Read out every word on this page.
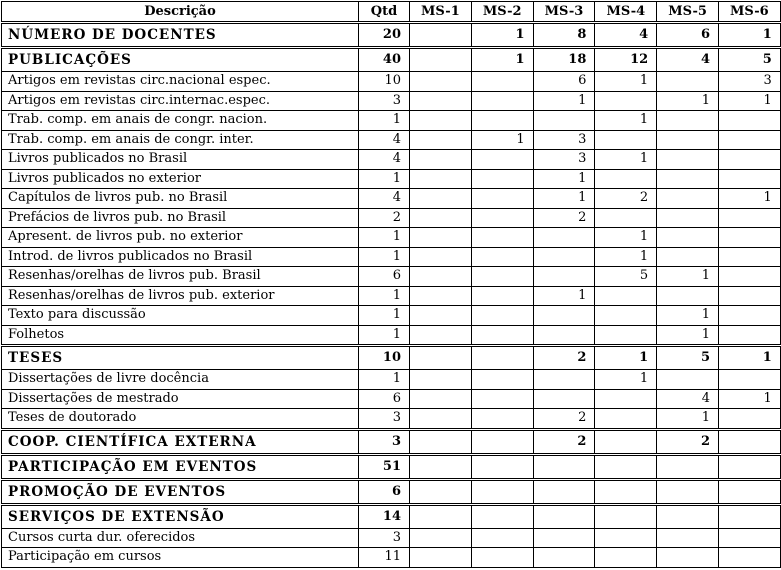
Descrição	Qtd	MS-1	MS-2	MS-3	MS-4	MS-5	MS-6
NÚMERO DE DOCENTES	20		1	8	4	6	1
PUBLICAÇÕES	40		1	18	12	4	5
Artigos em revistas circ.nacional espec.	10			6	1		3
Artigos em revistas circ.internac.espec.	3			1		1	1
Trab. comp. em anais de congr. nacion.	1				1		
Trab. comp. em anais de congr. inter.	4		1	3			
Livros publicados no Brasil	4			3	1		
Livros publicados no exterior	1			1			
Capítulos de livros pub. no Brasil	4			1	2		1
Prefácios de livros pub. no Brasil	2			2			
Apresent. de livros pub. no exterior	1				1		
Introd. de livros publicados no Brasil	1				1		
Resenhas/orelhas de livros pub. Brasil	6				5	1	
Resenhas/orelhas de livros pub. exterior	1			1			
Texto para discussão	1					1	
Folhetos	1					1	
TESES	10			2	1	5	1
Dissertações de livre docência	1				1		
Dissertações de mestrado	6					4	1
Teses de doutorado	3			2		1	
COOP. CIENTÍFICA EXTERNA	3			2		2	
PARTICIPAÇÃO EM EVENTOS	51						
PROMOÇÃO DE EVENTOS	6						
SERVIÇOS DE EXTENSÃO	14						
Cursos curta dur. oferecidos	3						
Participação em cursos	11						
